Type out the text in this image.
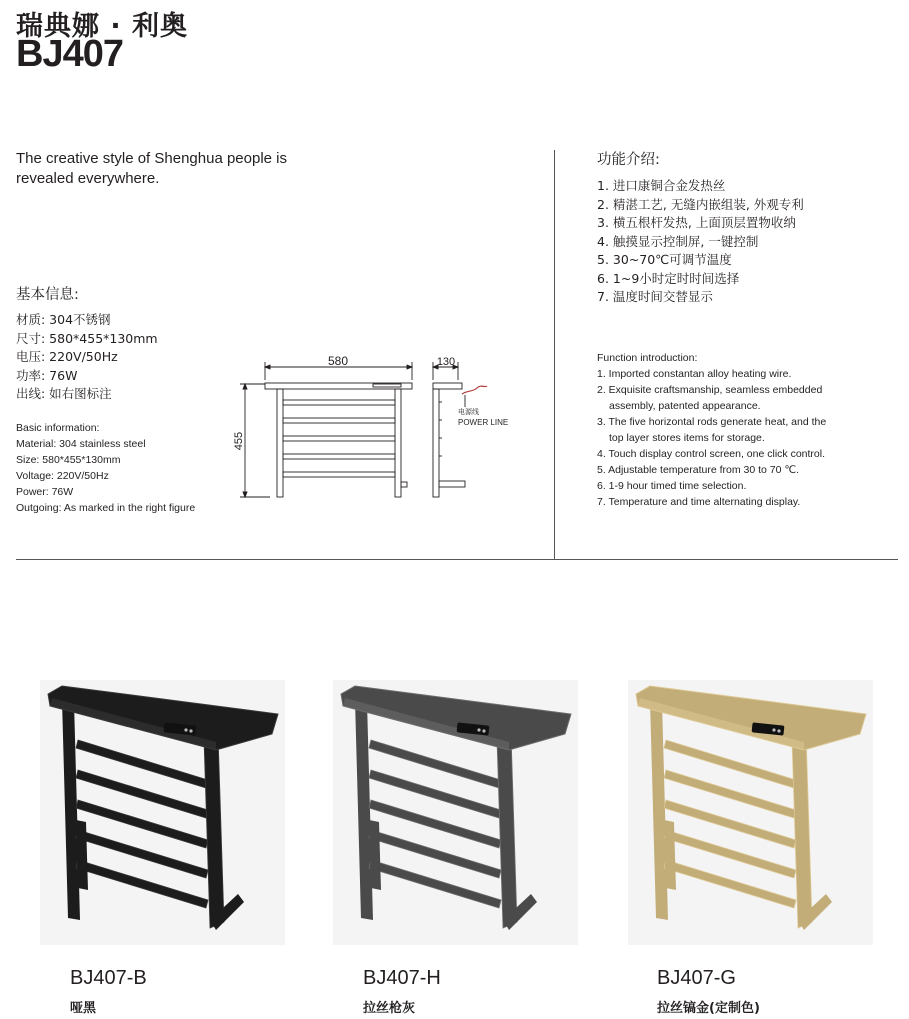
瑞典娜 · 利奥
BJ407
The creative style of Shenghua people is revealed everywhere.
基本信息:
材质: 304不锈钢
尺寸: 580*455*130mm
电压: 220V/50Hz
功率: 76W
出线: 如右图标注
Basic information:
Material: 304 stainless steel
Size: 580*455*130mm
Voltage: 220V/50Hz
Power: 76W
Outgoing: As marked in the right figure
580	130
455
电源线
POWER LINE
功能介绍:
1. 进口康铜合金发热丝
2. 精湛工艺, 无缝内嵌组装, 外观专利
3. 横五根杆发热, 上面顶层置物收纳
4. 触摸显示控制屏, 一键控制
5. 30~70℃可调节温度
6. 1~9小时定时时间选择
7. 温度时间交替显示
Function introduction:
1. Imported constantan alloy heating wire.
2. Exquisite craftsmanship, seamless embedded
assembly, patented appearance.
3. The five horizontal rods generate heat, and the
top layer stores items for storage.
4. Touch display control screen, one click control.
5. Adjustable temperature from 30 to 70 ℃.
6. 1-9 hour timed time selection.
7. Temperature and time alternating display.
BJ407-B
哑黑
BJ407-H
拉丝枪灰
BJ407-G
拉丝镐金(定制色)
